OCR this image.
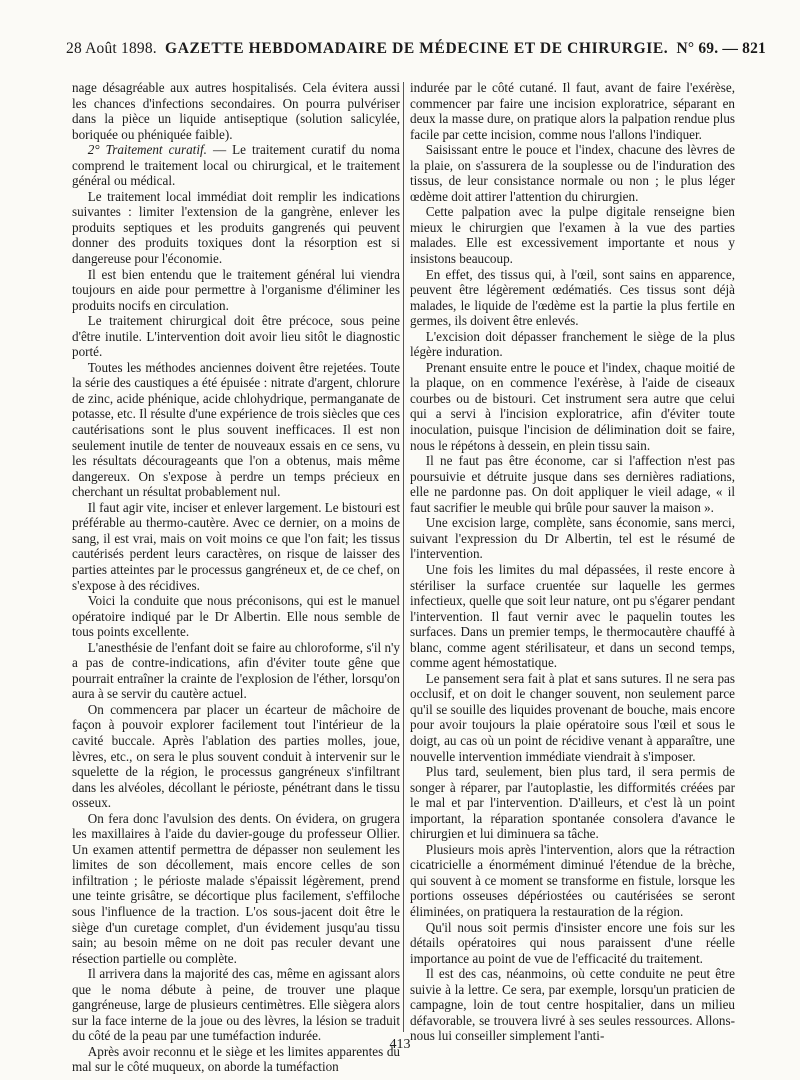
28 Août 1898. GAZETTE HEBDOMADAIRE DE MÉDECINE ET DE CHIRURGIE. N° 69. — 821

nage désagréable aux autres hospitalisés. Cela évitera aussi les chances d'infections secondaires. On pourra pulvériser dans la pièce un liquide antiseptique (solution salicylée, boriquée ou phéniquée faible).

2° Traitement curatif. — Le traitement curatif du noma comprend le traitement local ou chirurgical, et le traitement général ou médical.

Le traitement local immédiat doit remplir les indications suivantes : limiter l'extension de la gangrène, enlever les produits septiques et les produits gangrenés qui peuvent donner des produits toxiques dont la résorption est si dangereuse pour l'économie.

Il est bien entendu que le traitement général lui viendra toujours en aide pour permettre à l'organisme d'éliminer les produits nocifs en circulation.

Le traitement chirurgical doit être précoce, sous peine d'être inutile. L'intervention doit avoir lieu sitôt le diagnostic porté.

Toutes les méthodes anciennes doivent être rejetées. Toute la série des caustiques a été épuisée : nitrate d'argent, chlorure de zinc, acide phénique, acide chlohydrique, permanganate de potasse, etc. Il résulte d'une expérience de trois siècles que ces cautérisations sont le plus souvent inefficaces. Il est non seulement inutile de tenter de nouveaux essais en ce sens, vu les résultats décourageants que l'on a obtenus, mais même dangereux. On s'expose à perdre un temps précieux en cherchant un résultat probablement nul.

Il faut agir vite, inciser et enlever largement. Le bistouri est préférable au thermo-cautère. Avec ce dernier, on a moins de sang, il est vrai, mais on voit moins ce que l'on fait; les tissus cautérisés perdent leurs caractères, on risque de laisser des parties atteintes par le processus gangréneux et, de ce chef, on s'expose à des récidives.

Voici la conduite que nous préconisons, qui est le manuel opératoire indiqué par le Dr Albertin. Elle nous semble de tous points excellente.

L'anesthésie de l'enfant doit se faire au chloroforme, s'il n'y a pas de contre-indications, afin d'éviter toute gêne que pourrait entraîner la crainte de l'explosion de l'éther, lorsqu'on aura à se servir du cautère actuel.

On commencera par placer un écarteur de mâchoire de façon à pouvoir explorer facilement tout l'intérieur de la cavité buccale. Après l'ablation des parties molles, joue, lèvres, etc., on sera le plus souvent conduit à intervenir sur le squelette de la région, le processus gangréneux s'infiltrant dans les alvéoles, décollant le périoste, pénétrant dans le tissu osseux.

On fera donc l'avulsion des dents. On évidera, on grugera les maxillaires à l'aide du davier-gouge du professeur Ollier. Un examen attentif permettra de dépasser non seulement les limites de son décollement, mais encore celles de son infiltration ; le périoste malade s'épaissit légèrement, prend une teinte grisâtre, se décortique plus facilement, s'effiloche sous l'influence de la traction. L'os sous-jacent doit être le siège d'un curetage complet, d'un évidement jusqu'au tissu sain; au besoin même on ne doit pas reculer devant une résection partielle ou complète.

Il arrivera dans la majorité des cas, même en agissant alors que le noma débute à peine, de trouver une plaque gangréneuse, large de plusieurs centimètres. Elle siègera alors sur la face interne de la joue ou des lèvres, la lésion se traduit du côté de la peau par une tuméfaction indurée.

Après avoir reconnu et le siège et les limites apparentes du mal sur le côté muqueux, on aborde la tuméfaction

indurée par le côté cutané. Il faut, avant de faire l'exérèse, commencer par faire une incision exploratrice, séparant en deux la masse dure, on pratique alors la palpation rendue plus facile par cette incision, comme nous l'allons l'indiquer.

Saisissant entre le pouce et l'index, chacune des lèvres de la plaie, on s'assurera de la souplesse ou de l'induration des tissus, de leur consistance normale ou non ; le plus léger œdème doit attirer l'attention du chirurgien.

Cette palpation avec la pulpe digitale renseigne bien mieux le chirurgien que l'examen à la vue des parties malades. Elle est excessivement importante et nous y insistons beaucoup.

En effet, des tissus qui, à l'œil, sont sains en apparence, peuvent être légèrement œdématiés. Ces tissus sont déjà malades, le liquide de l'œdème est la partie la plus fertile en germes, ils doivent être enlevés.

L'excision doit dépasser franchement le siège de la plus légère induration.

Prenant ensuite entre le pouce et l'index, chaque moitié de la plaque, on en commence l'exérèse, à l'aide de ciseaux courbes ou de bistouri. Cet instrument sera autre que celui qui a servi à l'incision exploratrice, afin d'éviter toute inoculation, puisque l'incision de délimination doit se faire, nous le répétons à dessein, en plein tissu sain.

Il ne faut pas être économe, car si l'affection n'est pas poursuivie et détruite jusque dans ses dernières radiations, elle ne pardonne pas. On doit appliquer le vieil adage, « il faut sacrifier le meuble qui brûle pour sauver la maison ».

Une excision large, complète, sans économie, sans merci, suivant l'expression du Dr Albertin, tel est le résumé de l'intervention.

Une fois les limites du mal dépassées, il reste encore à stériliser la surface cruentée sur laquelle les germes infectieux, quelle que soit leur nature, ont pu s'égarer pendant l'intervention. Il faut vernir avec le paquelin toutes les surfaces. Dans un premier temps, le thermocautère chauffé à blanc, comme agent stérilisateur, et dans un second temps, comme agent hémostatique.

Le pansement sera fait à plat et sans sutures. Il ne sera pas occlusif, et on doit le changer souvent, non seulement parce qu'il se souille des liquides provenant de bouche, mais encore pour avoir toujours la plaie opératoire sous l'œil et sous le doigt, au cas où un point de récidive venant à apparaître, une nouvelle intervention immédiate viendrait à s'imposer.

Plus tard, seulement, bien plus tard, il sera permis de songer à réparer, par l'autoplastie, les difformités créées par le mal et par l'intervention. D'ailleurs, et c'est là un point important, la réparation spontanée consolera d'avance le chirurgien et lui diminuera sa tâche.

Plusieurs mois après l'intervention, alors que la rétraction cicatricielle a énormément diminué l'étendue de la brèche, qui souvent à ce moment se transforme en fistule, lorsque les portions osseuses dépériostées ou cautérisées se seront éliminées, on pratiquera la restauration de la région.

Qu'il nous soit permis d'insister encore une fois sur les détails opératoires qui nous paraissent d'une réelle importance au point de vue de l'efficacité du traitement.

Il est des cas, néanmoins, où cette conduite ne peut être suivie à la lettre. Ce sera, par exemple, lorsqu'un praticien de campagne, loin de tout centre hospitalier, dans un milieu défavorable, se trouvera livré à ses seules ressources. Allons-nous lui conseiller simplement l'anti-

413
